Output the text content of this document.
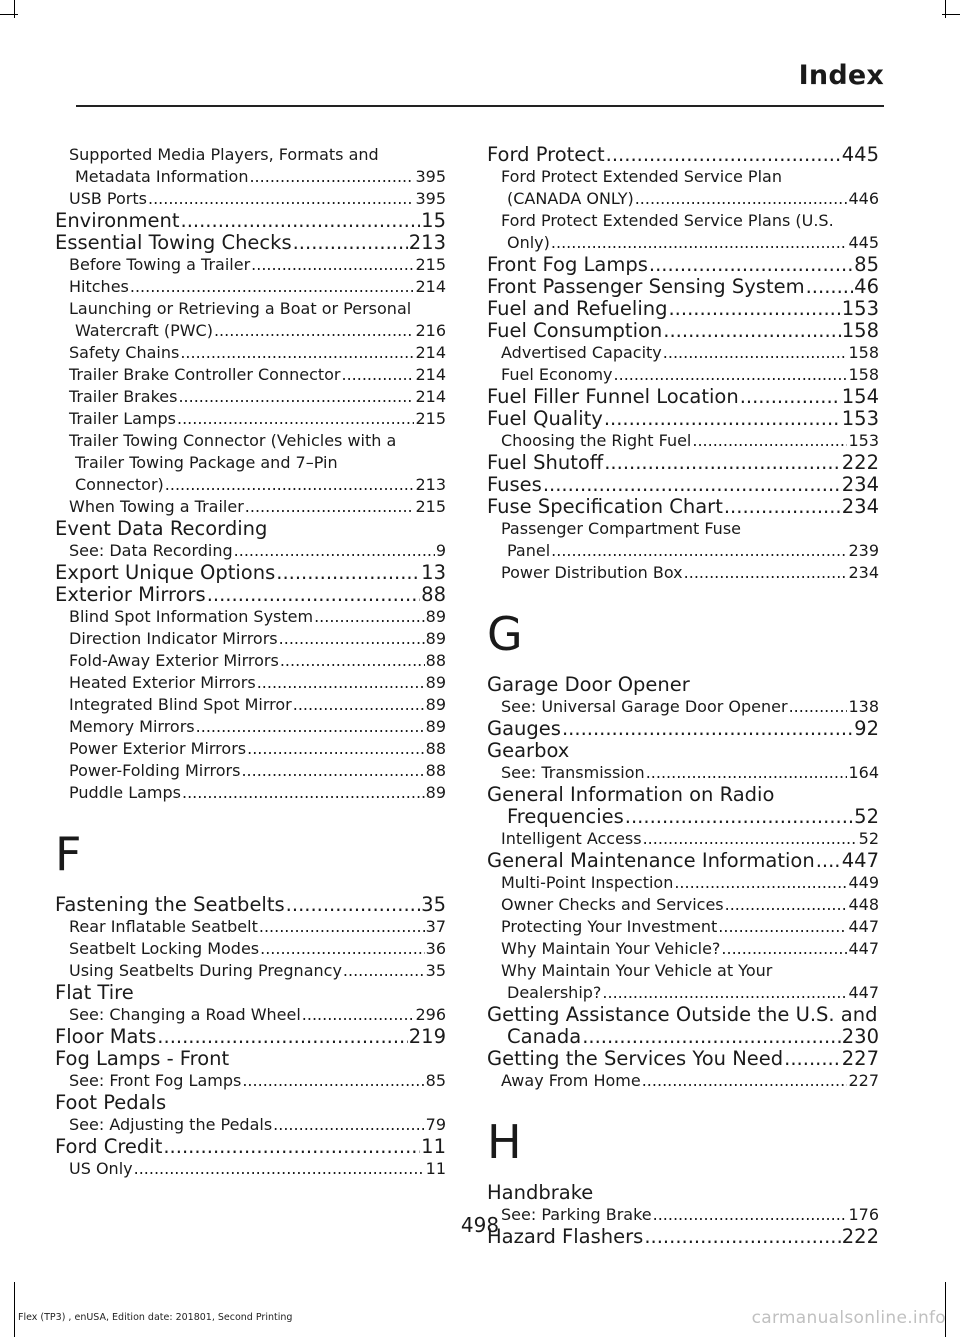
Index
Supported Media Players, Formats and
Metadata Information .....	395
USB Ports .....	395
Environment .....	15
Essential Towing Checks .....	213
Before Towing a Trailer .....	215
Hitches .....	214
Launching or Retrieving a Boat or Personal
Watercraft (PWC) .....	216
Safety Chains .....	214
Trailer Brake Controller Connector .....	214
Trailer Brakes .....	214
Trailer Lamps .....	215
Trailer Towing Connector (Vehicles with a
Trailer Towing Package and 7–Pin
Connector) .....	213
When Towing a Trailer .....	215
Event Data Recording
See: Data Recording .....	9
Export Unique Options .....	13
Exterior Mirrors .....	88
Blind Spot Information System .....	89
Direction Indicator Mirrors .....	89
Fold-Away Exterior Mirrors .....	88
Heated Exterior Mirrors .....	89
Integrated Blind Spot Mirror .....	89
Memory Mirrors .....	89
Power Exterior Mirrors .....	88
Power-Folding Mirrors .....	88
Puddle Lamps .....	89
F
Fastening the Seatbelts .....	35
Rear Inflatable Seatbelt .....	37
Seatbelt Locking Modes .....	36
Using Seatbelts During Pregnancy .....	35
Flat Tire
See: Changing a Road Wheel .....	296
Floor Mats .....	219
Fog Lamps - Front
See: Front Fog Lamps .....	85
Foot Pedals
See: Adjusting the Pedals .....	79
Ford Credit .....	11
US Only .....	11
Ford Protect .....	445
Ford Protect Extended Service Plan
(CANADA ONLY) .....	446
Ford Protect Extended Service Plans (U.S.
Only) .....	445
Front Fog Lamps .....	85
Front Passenger Sensing System .....	46
Fuel and Refueling .....	153
Fuel Consumption .....	158
Advertised Capacity .....	158
Fuel Economy .....	158
Fuel Filler Funnel Location .....	154
Fuel Quality .....	153
Choosing the Right Fuel .....	153
Fuel Shutoff .....	222
Fuses .....	234
Fuse Specification Chart .....	234
Passenger Compartment Fuse
Panel .....	239
Power Distribution Box .....	234
G
Garage Door Opener
See: Universal Garage Door Opener .....	138
Gauges .....	92
Gearbox
See: Transmission .....	164
General Information on Radio
Frequencies .....	52
Intelligent Access .....	52
General Maintenance Information ..... 447
Multi-Point Inspection .....	449
Owner Checks and Services .....	448
Protecting Your Investment .....	447
Why Maintain Your Vehicle? .....	447
Why Maintain Your Vehicle at Your
Dealership? .....	447
Getting Assistance Outside the U.S. and
Canada .....	230
Getting the Services You Need .....	227
Away From Home .....	227
H
Handbrake
See: Parking Brake .....	176
Hazard Flashers .....	222
498
Flex (TP3) , enUSA, Edition date: 201801, Second Printing	carmanualsonline.info
